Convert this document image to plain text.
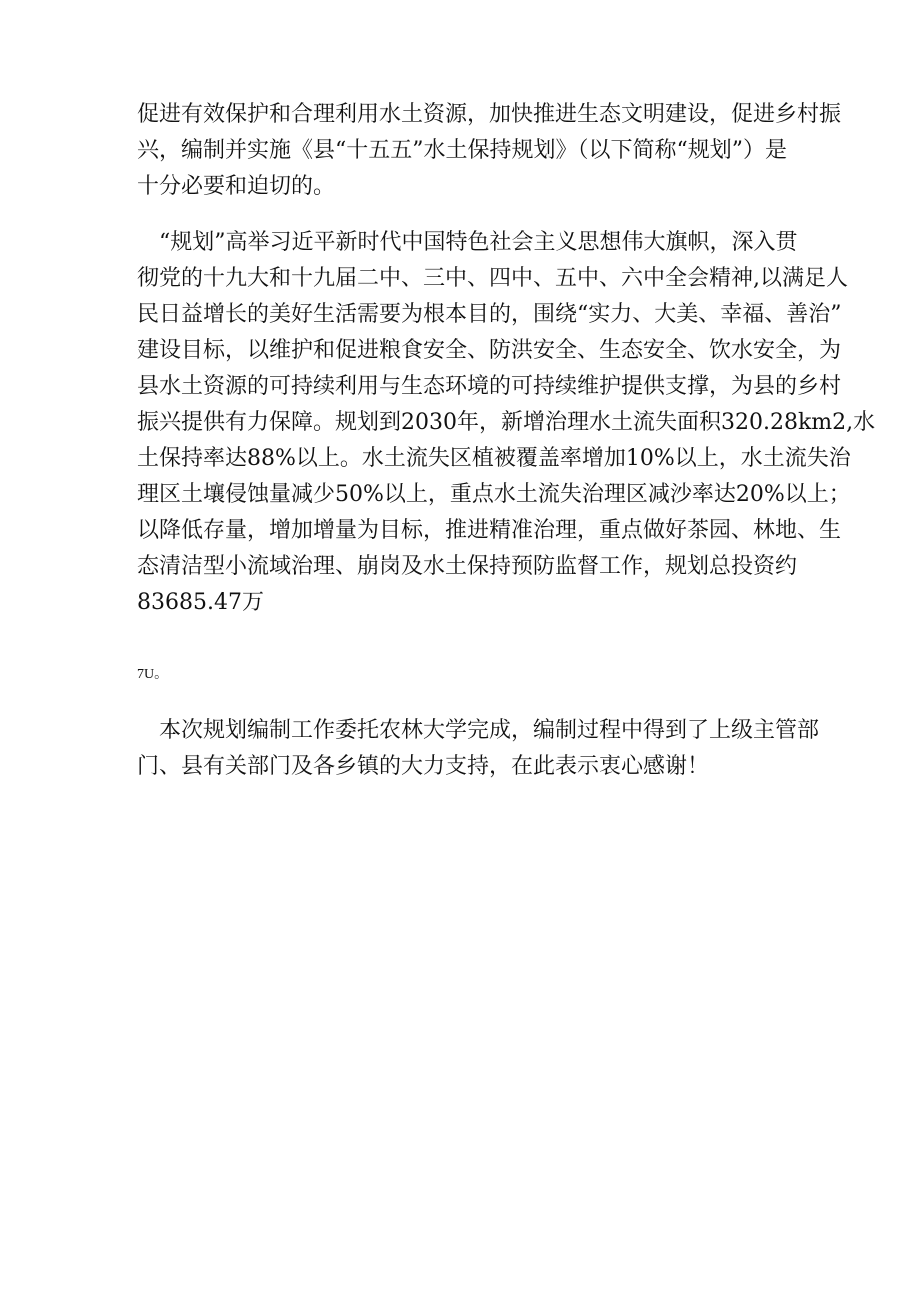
促进有效保护和合理利用水土资源，加快推进生态文明建设，促进乡村振
兴，编制并实施《县“十五五”水土保持规划》（以下简称“规划”）是
十分必要和迫切的。
　“规划”高举习近平新时代中国特色社会主义思想伟大旗帜，深入贯
彻党的十九大和十九届二中、三中、四中、五中、六中全会精神,以满足人
民日益增长的美好生活需要为根本目的，围绕“实力、大美、幸福、善治”
建设目标，以维护和促进粮食安全、防洪安全、生态安全、饮水安全，为
县水土资源的可持续利用与生态环境的可持续维护提供支撑，为县的乡村
振兴提供有力保障。规划到2030年，新增治理水土流失面积320.28km2,水
土保持率达88%以上。水土流失区植被覆盖率增加10%以上，水土流失治
理区土壤侵蚀量减少50%以上，重点水土流失治理区减沙率达20%以上；
以降低存量，增加增量为目标，推进精准治理，重点做好茶园、林地、生
态清洁型小流域治理、崩岗及水土保持预防监督工作，规划总投资约
83685.47万
7U。
　本次规划编制工作委托农林大学完成，编制过程中得到了上级主管部
门、县有关部门及各乡镇的大力支持，在此表示衷心感谢！
